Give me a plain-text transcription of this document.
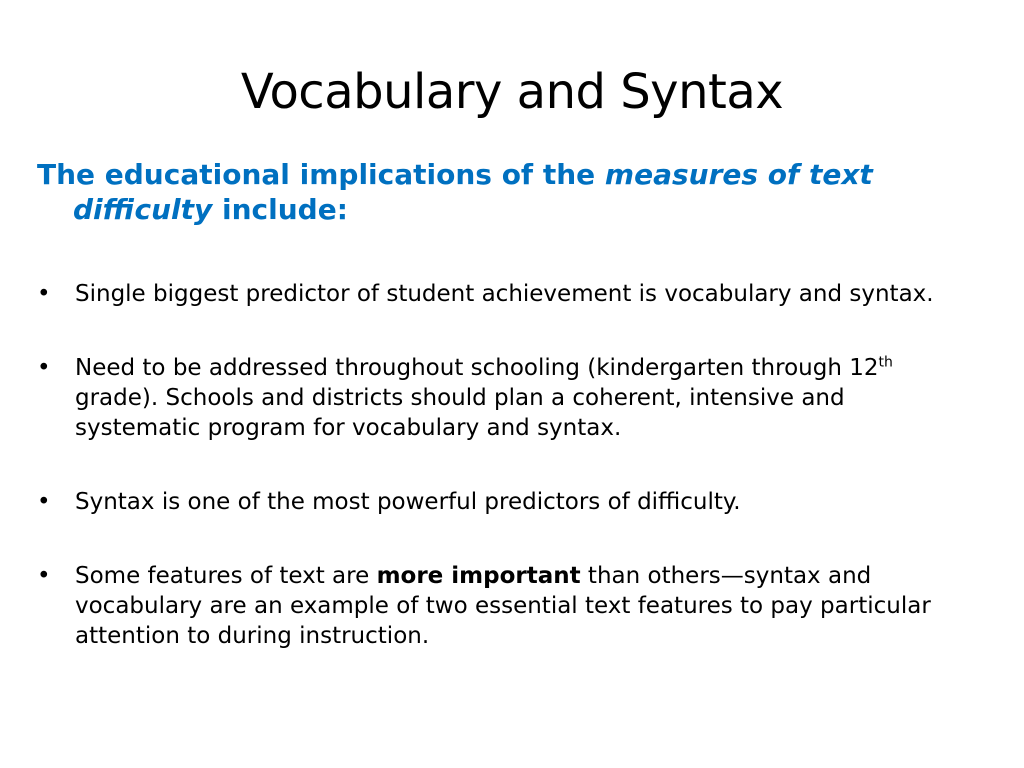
Vocabulary and Syntax
The educational implications of the measures of text difficulty include:
• Single biggest predictor of student achievement is vocabulary and syntax.
• Need to be addressed throughout schooling (kindergarten through 12th grade). Schools and districts should plan a coherent, intensive and systematic program for vocabulary and syntax.
• Syntax is one of the most powerful predictors of difficulty.
• Some features of text are more important than others—syntax and vocabulary are an example of two essential text features to pay particular attention to during instruction.
